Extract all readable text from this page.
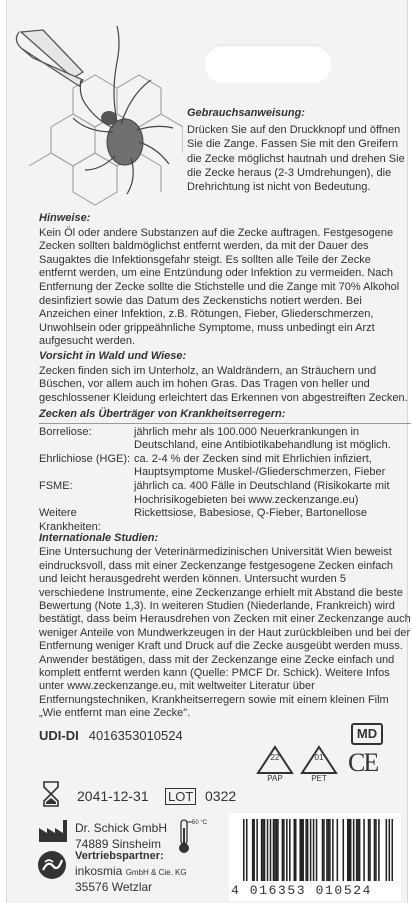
Gebrauchsanweisung:

Drücken Sie auf den Druckknopf und öffnen Sie die Zange. Fassen Sie mit den Greifern die Zecke möglichst hautnah und drehen Sie die Zecke heraus (2-3 Umdrehungen), die Drehrichtung ist nicht von Bedeutung.

Hinweise:

Kein Öl oder andere Substanzen auf die Zecke auftragen. Festgesogene Zecken sollten baldmöglichst entfernt werden, da mit der Dauer des Saugaktes die Infektionsgefahr steigt. Es sollten alle Teile der Zecke entfernt werden, um eine Entzündung oder Infektion zu vermeiden. Nach Entfernung der Zecke sollte die Stichstelle und die Zange mit 70% Alkohol desinfiziert sowie das Datum des Zeckenstichs notiert werden. Bei Anzeichen einer Infektion, z.B. Rötungen, Fieber, Gliederschmerzen, Unwohlsein oder grippeähnliche Symptome, muss unbedingt ein Arzt aufgesucht werden.

Vorsicht in Wald und Wiese:

Zecken finden sich im Unterholz, an Waldrändern, an Sträuchern und Büschen, vor allem auch im hohen Gras. Das Tragen von heller und geschlossener Kleidung erleichtert das Erkennen von abgestreiften Zecken.

Zecken als Überträger von Krankheitserregern:
Borreliose:	jährlich mehr als 100.000 Neuerkrankungen in Deutschland, eine Antibiotikabehandlung ist möglich.
Ehrlichiose (HGE): ca. 2-4 % der Zecken sind mit Ehrlichien infiziert, Hauptsymptome Muskel-/Gliederschmerzen, Fieber
FSME:	jährlich ca. 400 Fälle in Deutschland (Risikokarte mit Hochrisikogebieten bei www.zeckenzange.eu)
Weitere Krankheiten:
Rickettsiose, Babesiose, Q-Fieber, Bartonellose
Internationale Studien:

Eine Untersuchung der Veterinärmedizinischen Universität Wien beweist eindrucksvoll, dass mit einer Zeckenzange festgesogene Zecken einfach und leicht herausgedreht werden können. Untersucht wurden 5 verschiedene Instrumente, eine Zeckenzange erhielt mit Abstand die beste Bewertung (Note 1,3). In weiteren Studien (Niederlande, Frankreich) wird bestätigt, dass beim Herausdrehen von Zecken mit einer Zeckenzange auch weniger Anteile von Mundwerkzeugen in der Haut zurückbleiben und bei der Entfernung weniger Kraft und Druck auf die Zecke ausgeübt werden muss. Anwender bestätigen, dass mit der Zeckenzange eine Zecke einfach und komplett entfernt werden kann (Quelle: PMCF Dr. Schick). Weitere Infos unter www.zeckenzange.eu, mit weltweiter Literatur über Entfernungstechniken, Krankheitserregern sowie mit einem kleinen Film „Wie entfernt man eine Zecke".

UDI-DI 4016353010524	MD
22
PAP
01
PET
CE
2041-12-31 LOT 0322
Dr. Schick GmbH
74889 Sinsheim
50 °C
Vertriebspartner:
inkosmia GmbH & Cie. KG
35576 Wetzlar	4 016353 010524
